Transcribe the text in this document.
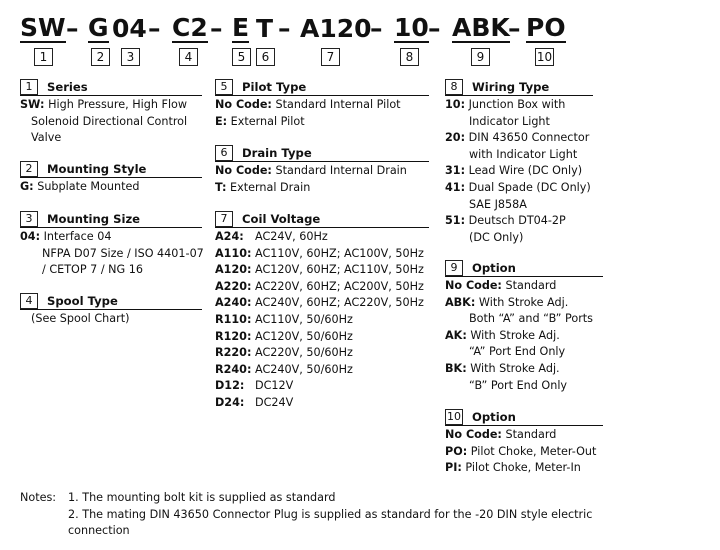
SW – G 04 – C2 – E T – A120
– 10 – ABK
– PO
1	2	3	4	5	6	7	8	9	10
1	Series
SW: High Pressure, High Flow
Solenoid Directional Control
Valve
2	Mounting Style
G: Subplate Mounted
3	Mounting Size
04: Interface 04
NFPA D07 Size / ISO 4401-07
/ CETOP 7 / NG 16
4	Spool Type
(See Spool Chart)
5	Pilot Type
No Code: Standard Internal Pilot
E: External Pilot
6	Drain Type
No Code: Standard Internal Drain
T: External Drain
7	Coil Voltage
A24: AC24V, 60Hz
A110: AC110V, 60HZ; AC100V, 50Hz
A120: AC120V, 60HZ; AC110V, 50Hz
A220: AC220V, 60HZ; AC200V, 50Hz
A240: AC240V, 60HZ; AC220V, 50Hz
R110: AC110V, 50/60Hz
R120: AC120V, 50/60Hz
R220: AC220V, 50/60Hz
R240: AC240V, 50/60Hz
D12: DC12V
D24: DC24V
8	Wiring Type
10: Junction Box with
Indicator Light
20: DIN 43650 Connector
with Indicator Light
31: Lead Wire (DC Only)
41: Dual Spade (DC Only)
SAE J858A
51: Deutsch DT04-2P
(DC Only)
9	Option
No Code: Standard
ABK: With Stroke Adj.
Both “A” and “B” Ports
AK: With Stroke Adj.
“A” Port End Only
BK: With Stroke Adj.
“B” Port End Only
10 Option
No Code: Standard
PO: Pilot Choke, Meter-Out
PI: Pilot Choke, Meter-In
Notes: 1. The mounting bolt kit is supplied as standard
2. The mating DIN 43650 Connector Plug is supplied as standard for the -20 DIN style electric connection
